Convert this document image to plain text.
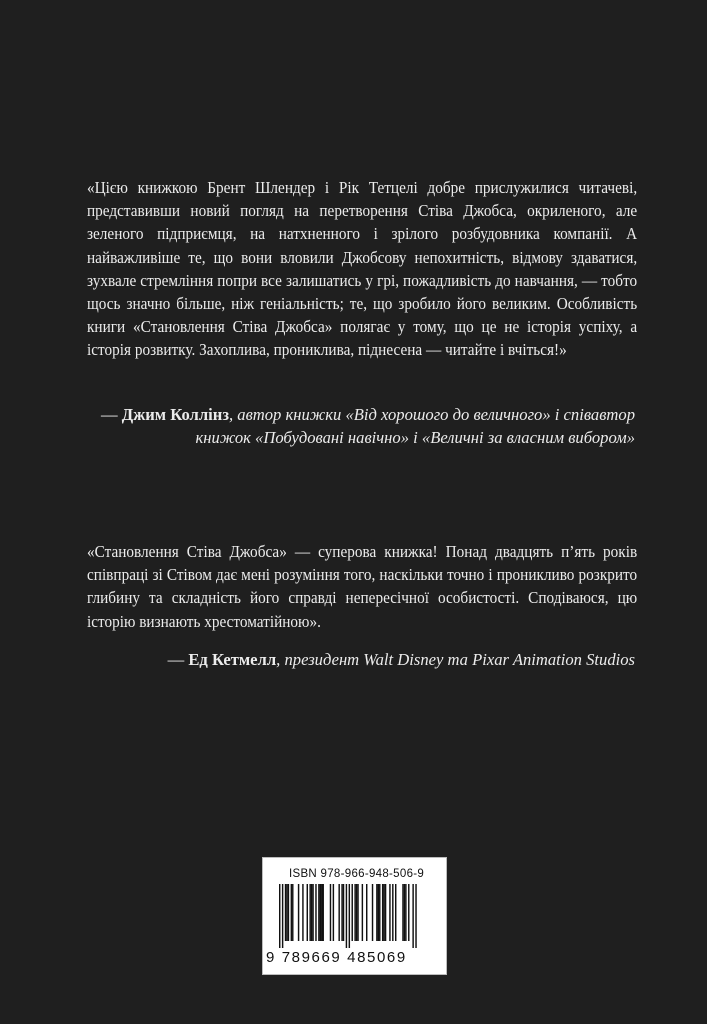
«Цією книжкою Брент Шлендер і Рік Тетцелі добре прислужилися читачеві, представивши новий погляд на перетворення Стіва Джобса, окриленого, але зеленого підприємця, на натхненного і зрілого розбудовника компанії. А найважливіше те, що вони вловили Джобсову непохитність, відмову здаватися, зухвале стремління попри все залишатись у грі, пожадливість до навчання, — тобто щось значно більше, ніж геніальність; те, що зробило його великим. Особливість книги «Становлення Стіва Джобса» полягає у тому, що це не історія успіху, а історія розвитку. Захоплива, прониклива, піднесена — читайте і вчіться!»

— Джим Коллінз, автор книжки «Від хорошого до величного» і співавтор
книжок «Побудовані навічно» і «Величні за власним вибором»

«Становлення Стіва Джобса» — суперова книжка! Понад двадцять п’ять років співпраці зі Стівом дає мені розуміння того, наскільки точно і проникливо розкрито глибину та складність його справді непересічної особистості. Сподіваюся, цю історію визнають хрестоматійною».

— Ед Кетмелл, президент Walt Disney та Pixar Animation Studios

ISBN 978-966-948-506-9
9 789669 485069
